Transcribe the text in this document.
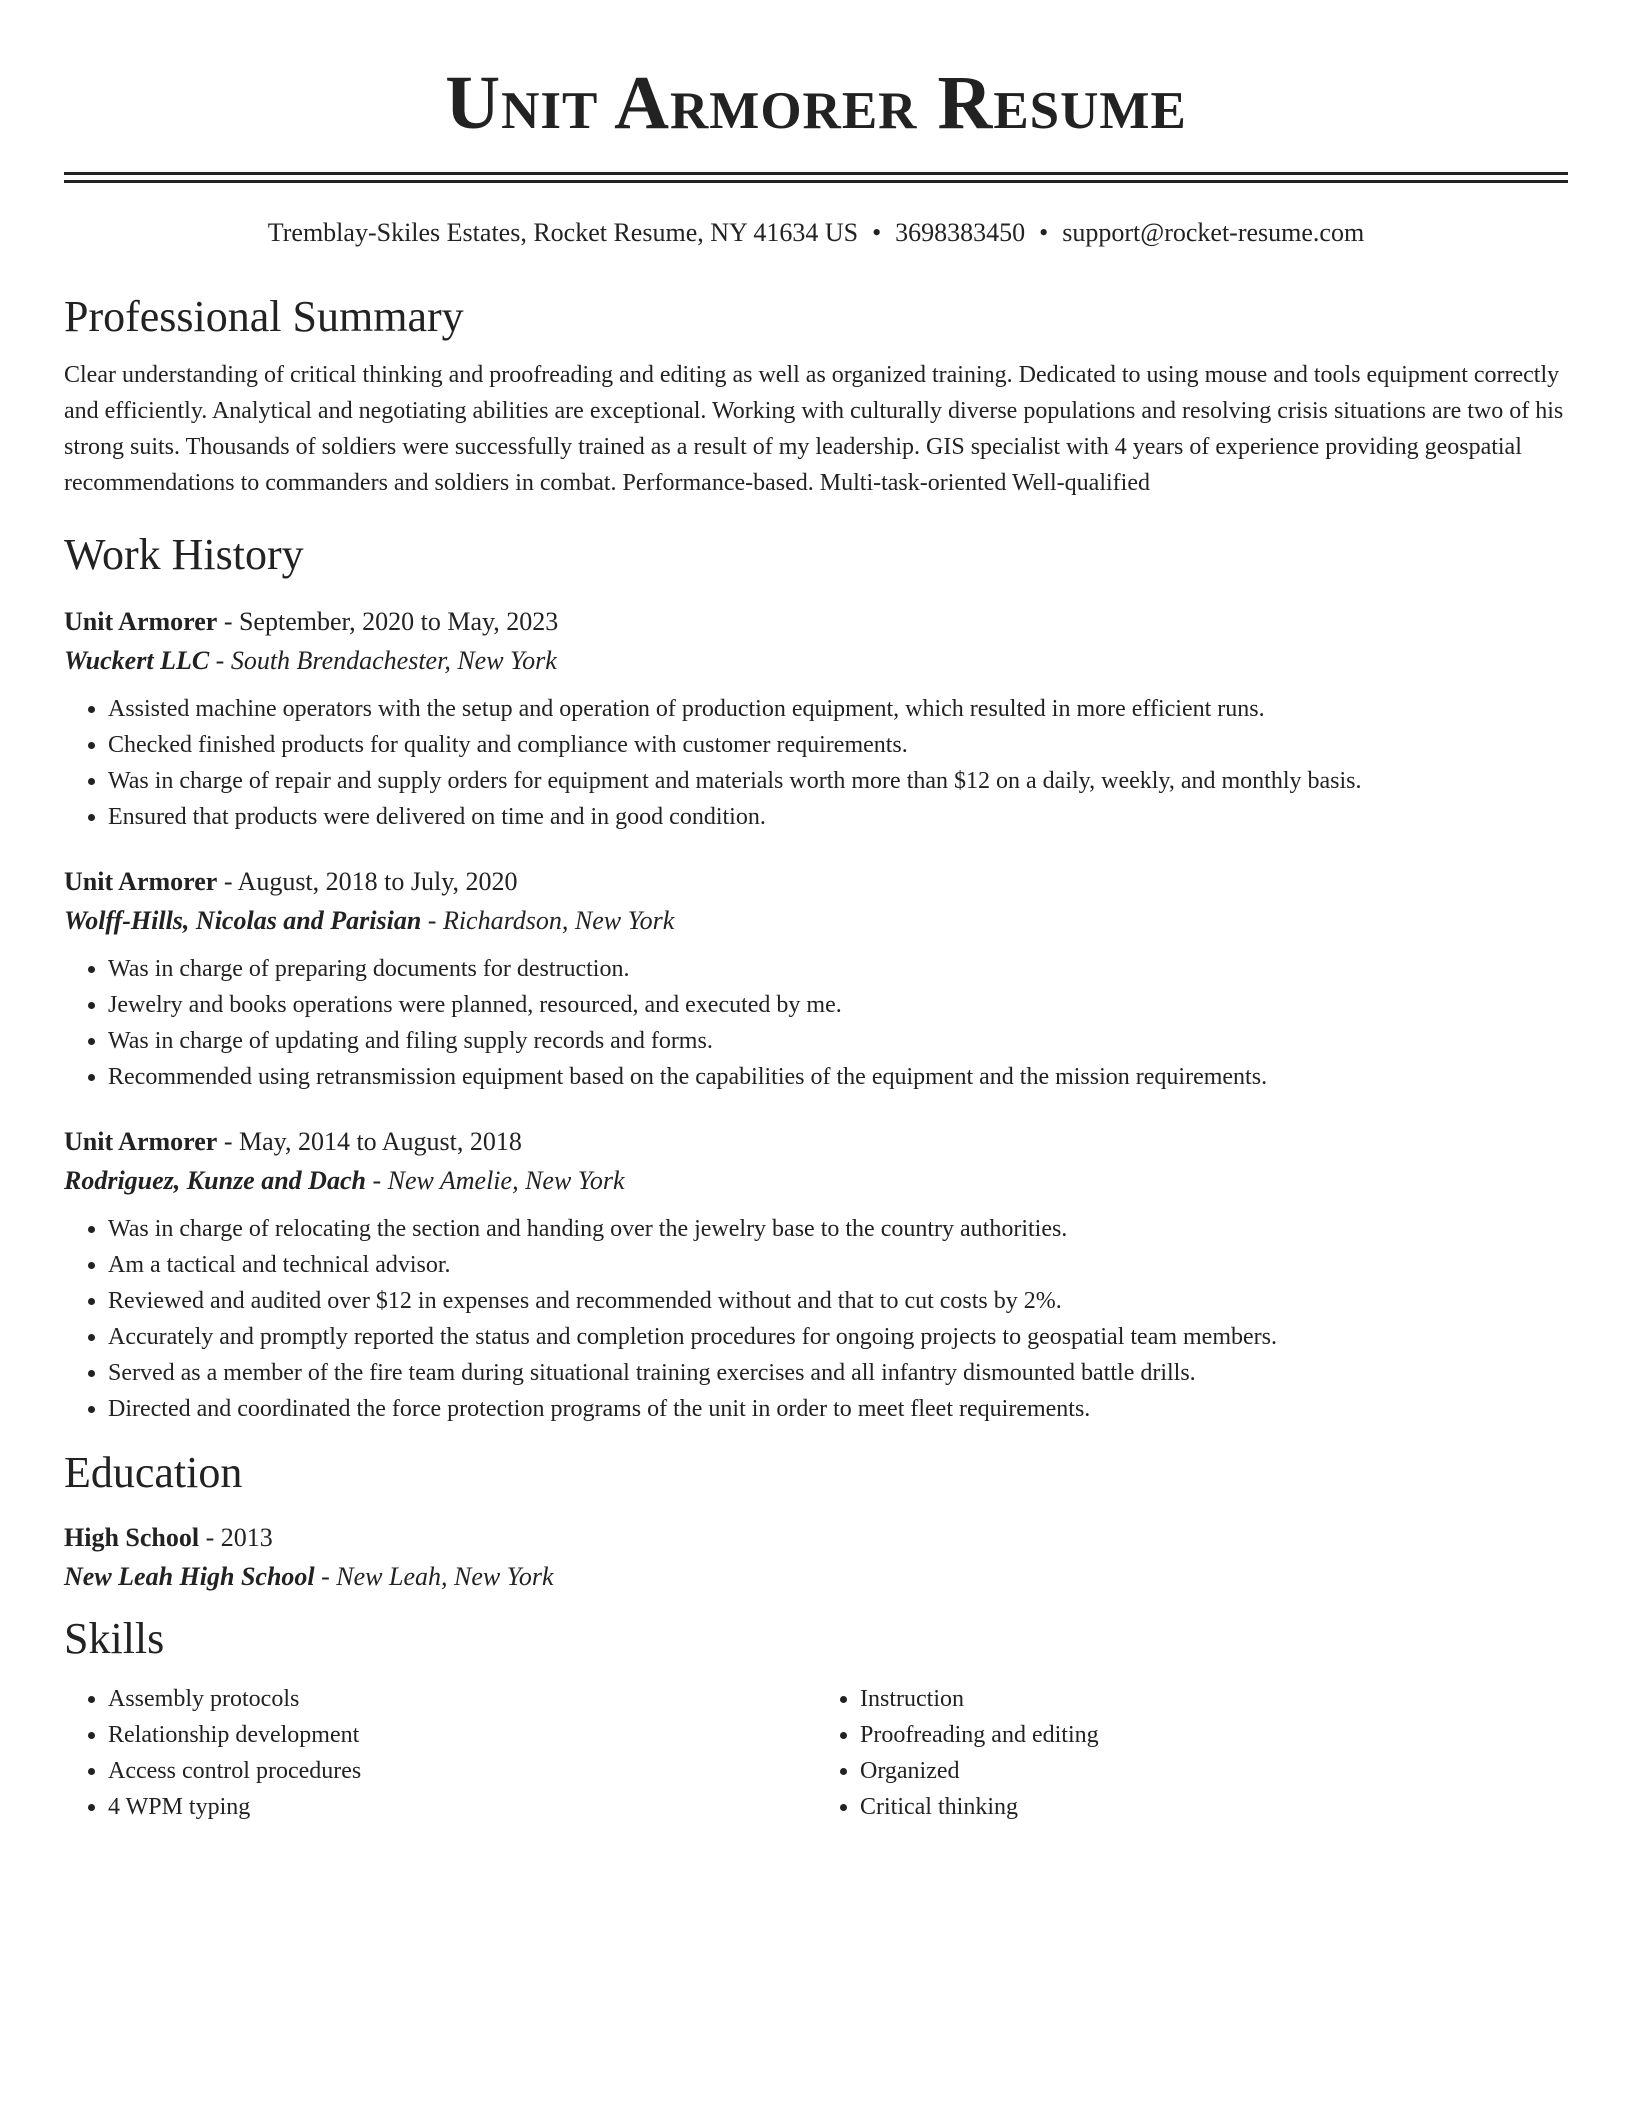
Unit Armorer Resume
Tremblay-Skiles Estates, Rocket Resume, NY 41634 US • 3698383450 • support@rocket-resume.com
Professional Summary
Clear understanding of critical thinking and proofreading and editing as well as organized training. Dedicated to using mouse and tools equipment correctly and efficiently. Analytical and negotiating abilities are exceptional. Working with culturally diverse populations and resolving crisis situations are two of his strong suits. Thousands of soldiers were successfully trained as a result of my leadership. GIS specialist with 4 years of experience providing geospatial recommendations to commanders and soldiers in combat. Performance-based. Multi-task-oriented Well-qualified
Work History
Unit Armorer - September, 2020 to May, 2023
Wuckert LLC - South Brendachester, New York
• Assisted machine operators with the setup and operation of production equipment, which resulted in more efficient runs.
• Checked finished products for quality and compliance with customer requirements.
• Was in charge of repair and supply orders for equipment and materials worth more than $12 on a daily, weekly, and monthly basis.
• Ensured that products were delivered on time and in good condition.
Unit Armorer - August, 2018 to July, 2020
Wolff-Hills, Nicolas and Parisian - Richardson, New York
• Was in charge of preparing documents for destruction.
• Jewelry and books operations were planned, resourced, and executed by me.
• Was in charge of updating and filing supply records and forms.
• Recommended using retransmission equipment based on the capabilities of the equipment and the mission requirements.
Unit Armorer - May, 2014 to August, 2018
Rodriguez, Kunze and Dach - New Amelie, New York
• Was in charge of relocating the section and handing over the jewelry base to the country authorities.
• Am a tactical and technical advisor.
• Reviewed and audited over $12 in expenses and recommended without and that to cut costs by 2%.
• Accurately and promptly reported the status and completion procedures for ongoing projects to geospatial team members.
• Served as a member of the fire team during situational training exercises and all infantry dismounted battle drills.
• Directed and coordinated the force protection programs of the unit in order to meet fleet requirements.
Education
High School - 2013
New Leah High School - New Leah, New York
Skills
• Assembly protocols
• Relationship development
• Access control procedures
• 4 WPM typing
• Instruction
• Proofreading and editing
• Organized
• Critical thinking
